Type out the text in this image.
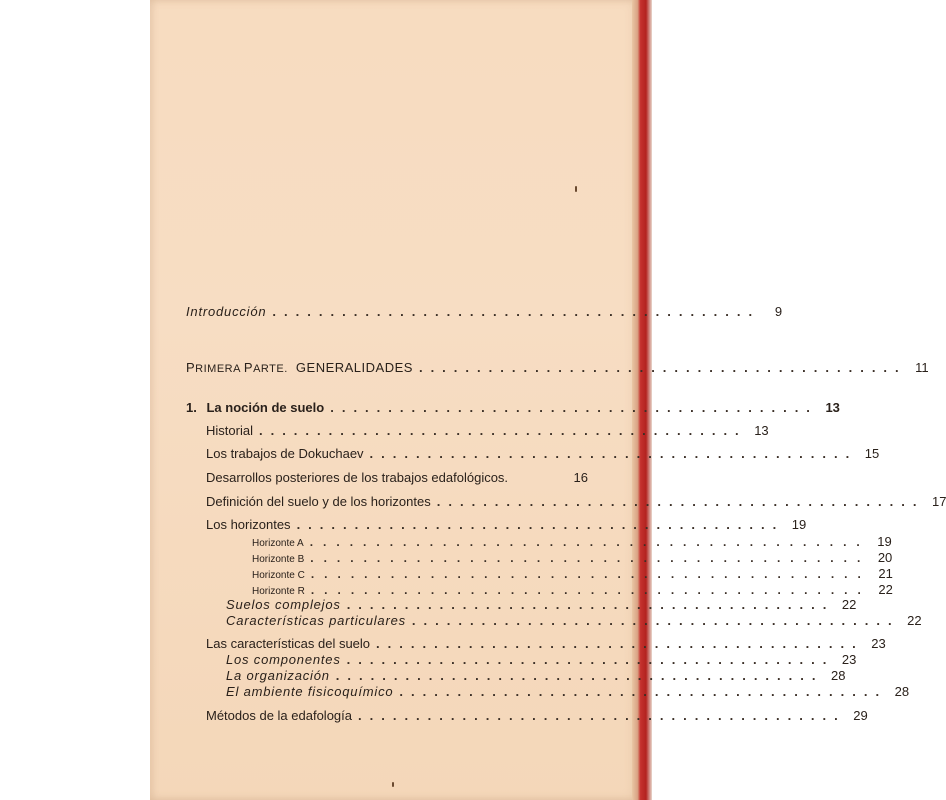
Introducción ..........................................	9
PRIMERA PARTE. GENERALIDADES .......................................... 11
1. La noción de suelo .......................................... 13
Historial .......................................... 13
Los trabajos de Dokuchaev .......................................... 15
Desarrollos posteriores de los trabajos edafológicos.	16
Definición del suelo y de los horizontes .......................................... 17
Los horizontes .......................................... 19
Horizonte A .......................................... 19
Horizonte B .......................................... 20
Horizonte C .......................................... 21
Horizonte R .......................................... 22
Suelos complejos .......................................... 22
Características particulares .......................................... 22
Las características del suelo .......................................... 23
Los componentes .......................................... 23
La organización .......................................... 28
El ambiente fisicoquímico .......................................... 28
Métodos de la edafología .......................................... 29
